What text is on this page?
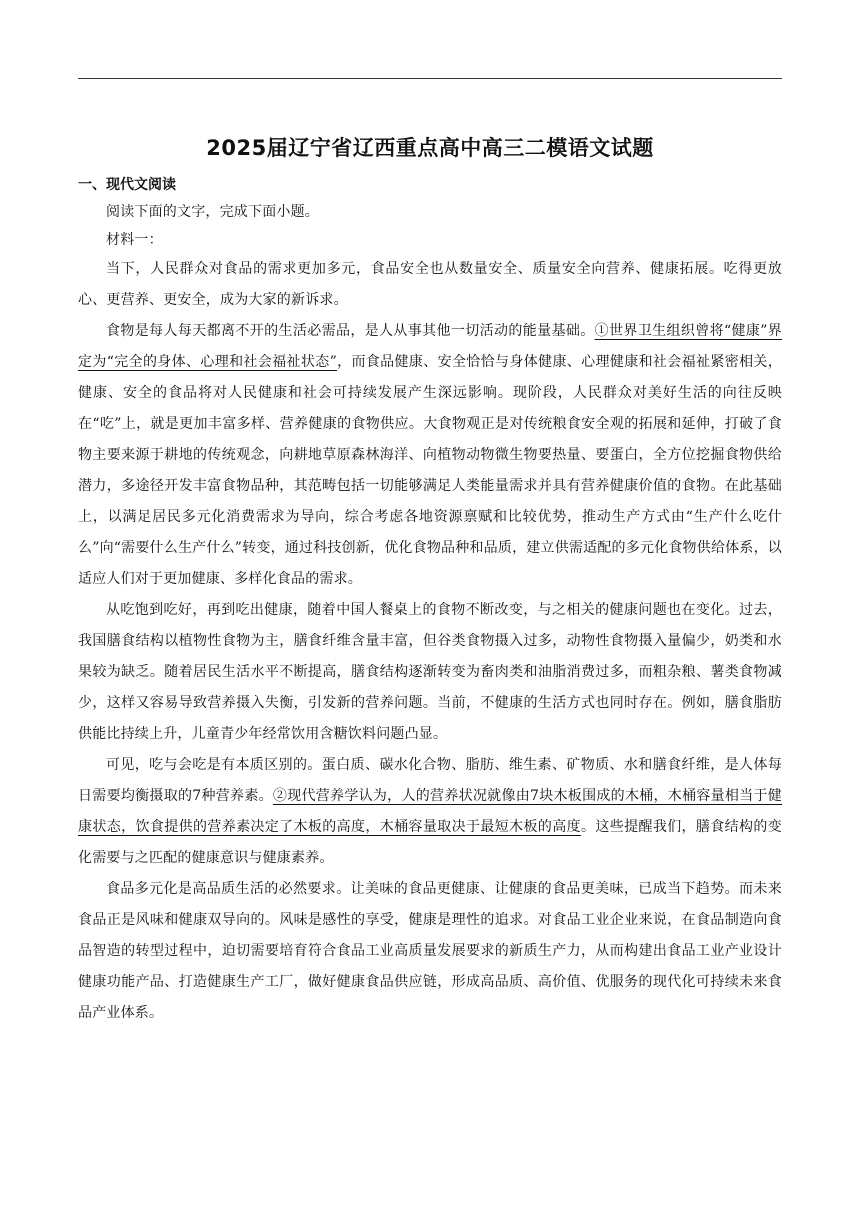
2025届辽宁省辽西重点高中高三二模语文试题

一、现代文阅读

阅读下面的文字，完成下面小题。

材料一：

当下，人民群众对食品的需求更加多元，食品安全也从数量安全、质量安全向营养、健康拓展。吃得更放心、更营养、更安全，成为大家的新诉求。

食物是每人每天都离不开的生活必需品，是人从事其他一切活动的能量基础。①世界卫生组织曾将“健康”界定为“完全的身体、心理和社会福祉状态”，而食品健康、安全恰恰与身体健康、心理健康和社会福祉紧密相关，健康、安全的食品将对人民健康和社会可持续发展产生深远影响。现阶段，人民群众对美好生活的向往反映在“吃”上，就是更加丰富多样、营养健康的食物供应。大食物观正是对传统粮食安全观的拓展和延伸，打破了食物主要来源于耕地的传统观念，向耕地草原森林海洋、向植物动物微生物要热量、要蛋白，全方位挖掘食物供给潜力，多途径开发丰富食物品种，其范畴包括一切能够满足人类能量需求并具有营养健康价值的食物。在此基础上，以满足居民多元化消费需求为导向，综合考虑各地资源禀赋和比较优势，推动生产方式由“生产什么吃什么”向“需要什么生产什么”转变，通过科技创新，优化食物品种和品质，建立供需适配的多元化食物供给体系，以适应人们对于更加健康、多样化食品的需求。

从吃饱到吃好，再到吃出健康，随着中国人餐桌上的食物不断改变，与之相关的健康问题也在变化。过去，我国膳食结构以植物性食物为主，膳食纤维含量丰富，但谷类食物摄入过多，动物性食物摄入量偏少，奶类和水果较为缺乏。随着居民生活水平不断提高，膳食结构逐渐转变为畜肉类和油脂消费过多，而粗杂粮、薯类食物减少，这样又容易导致营养摄入失衡，引发新的营养问题。当前，不健康的生活方式也同时存在。例如，膳食脂肪供能比持续上升，儿童青少年经常饮用含糖饮料问题凸显。

可见，吃与会吃是有本质区别的。蛋白质、碳水化合物、脂肪、维生素、矿物质、水和膳食纤维，是人体每日需要均衡摄取的7种营养素。②现代营养学认为，人的营养状况就像由7块木板围成的木桶，木桶容量相当于健康状态，饮食提供的营养素决定了木板的高度，木桶容量取决于最短木板的高度。这些提醒我们，膳食结构的变化需要与之匹配的健康意识与健康素养。

食品多元化是高品质生活的必然要求。让美味的食品更健康、让健康的食品更美味，已成当下趋势。而未来食品正是风味和健康双导向的。风味是感性的享受，健康是理性的追求。对食品工业企业来说，在食品制造向食品智造的转型过程中，迫切需要培育符合食品工业高质量发展要求的新质生产力，从而构建出食品工业产业设计健康功能产品、打造健康生产工厂，做好健康食品供应链，形成高品质、高价值、优服务的现代化可持续未来食品产业体系。
